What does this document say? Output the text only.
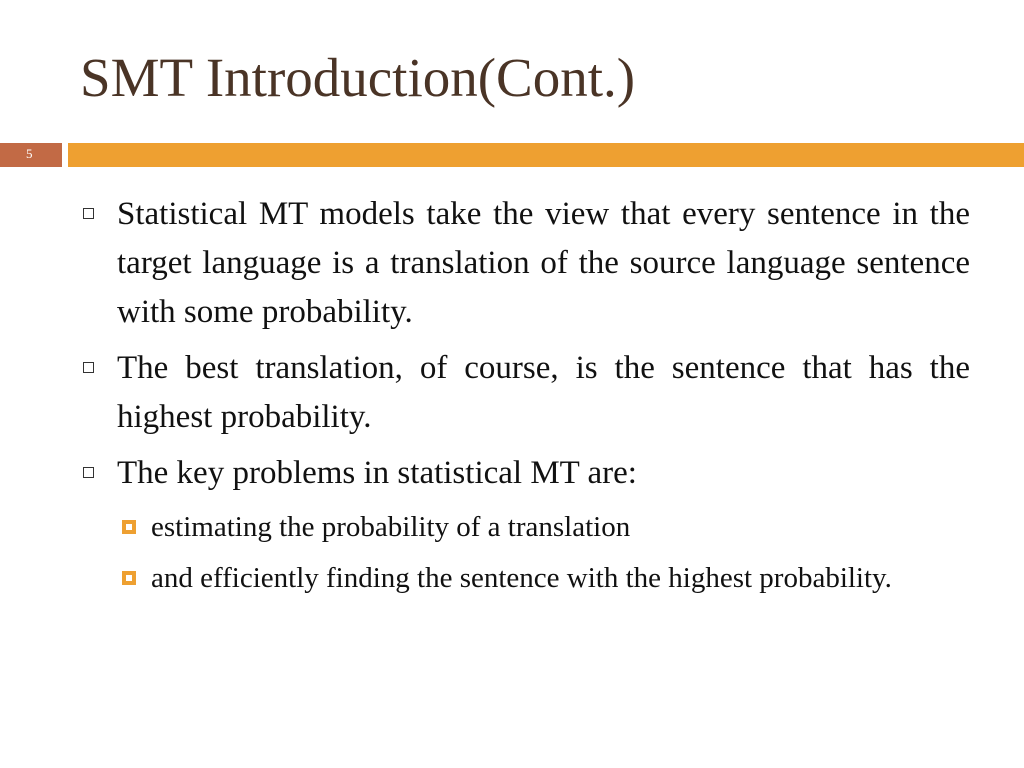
SMT Introduction(Cont.)
5
Statistical MT models take the view that every sentence in the target language is a translation of the source language sentence with some probability.
The best translation, of course, is the sentence that has the highest probability.
The key problems in statistical MT are:
estimating the probability of a translation
and efficiently finding the sentence with the highest probability.
